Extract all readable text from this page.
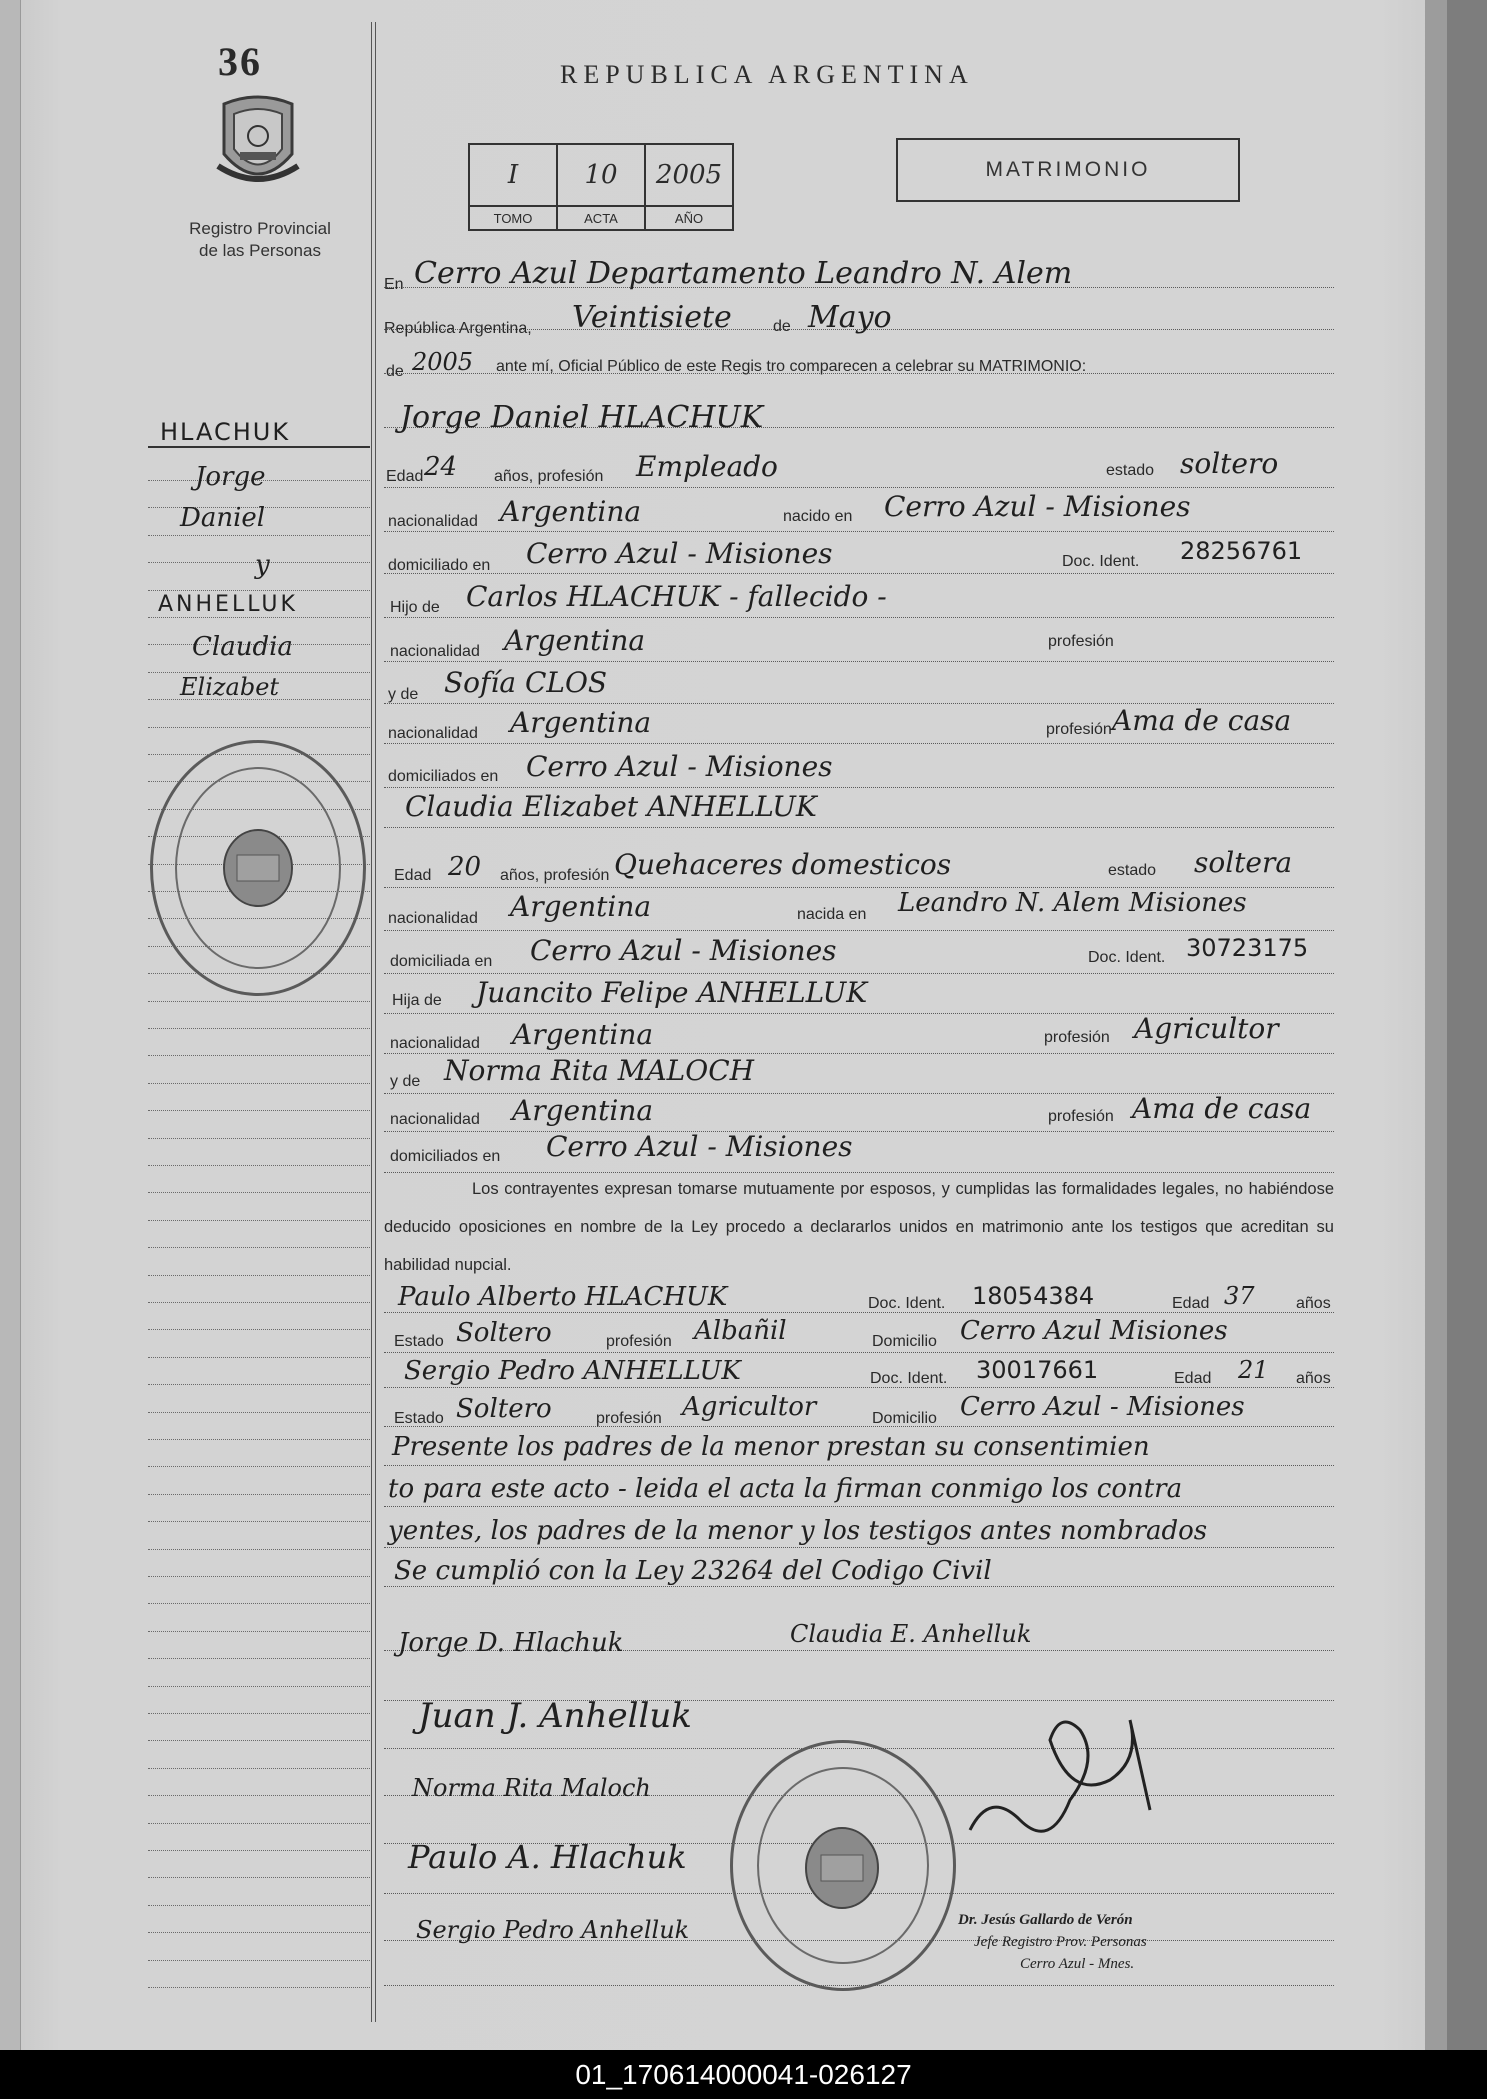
36
Registro Provincial
de las Personas
REPUBLICA ARGENTINA
I	10	2005
TOMO	ACTA	AÑO
MATRIMONIO
HLACHUK
Jorge
Daniel
y
ANHELLUK
Claudia
Elizabet
En Cerro Azul Departamento Leandro N. Alem
República Argentina, Veintisiete	de Mayo
de 2005 ante mí, Oficial Público de este Regis tro comparecen a celebrar su MATRIMONIO:
Jorge Daniel HLACHUK
Edad 24 años, profesión Empleado	estado soltero
nacionalidad Argentina	nacido en Cerro Azul - Misiones
domiciliado en Cerro Azul - Misiones	Doc. Ident. 28256761
Hijo de Carlos HLACHUK - fallecido -
nacionalidad Argentina	profesión
y de Sofía CLOS
nacionalidad Argentina	profesión Ama de casa
domiciliados en Cerro Azul - Misiones
Claudia Elizabet ANHELLUK
Edad 20 años, profesión Quehaceres domesticos	estado soltera
nacionalidad Argentina	nacida en Leandro N. Alem Misiones
domiciliada en Cerro Azul - Misiones	Doc. Ident. 30723175
Hija de Juancito Felipe ANHELLUK
nacionalidad Argentina	profesión Agricultor
y de Norma Rita MALOCH
nacionalidad Argentina	profesión Ama de casa
domiciliados en Cerro Azul - Misiones
Los contrayentes expresan tomarse mutuamente por esposos, y cumplidas las formalidades legales, no habiéndose deducido oposiciones en nombre de la Ley procedo a declararlos unidos en matrimonio ante los testigos que acreditan su habilidad nupcial.
Paulo Alberto HLACHUK	Doc. Ident. 18054384	Edad 37	años
Estado Soltero	profesión Albañil	Domicilio Cerro Azul Misiones
Sergio Pedro ANHELLUK	Doc. Ident. 30017661	Edad 21 años
Estado Soltero	profesión Agricultor	Domicilio Cerro Azul - Misiones
Presente los padres de la menor prestan su consentimien
to para este acto - leida el acta la firman conmigo los contra
yentes, los padres de la menor y los testigos antes nombrados
Se cumplió con la Ley 23264 del Codigo Civil
Jorge D. Hlachuk	Claudia E. Anhelluk
Juan J. Anhelluk
Norma Rita Maloch
Paulo A. Hlachuk
Sergio Pedro Anhelluk	Dr. Jesús Gallardo de Verón
Jefe Registro Prov. Personas
Cerro Azul - Mnes.
01_170614000041-026127
